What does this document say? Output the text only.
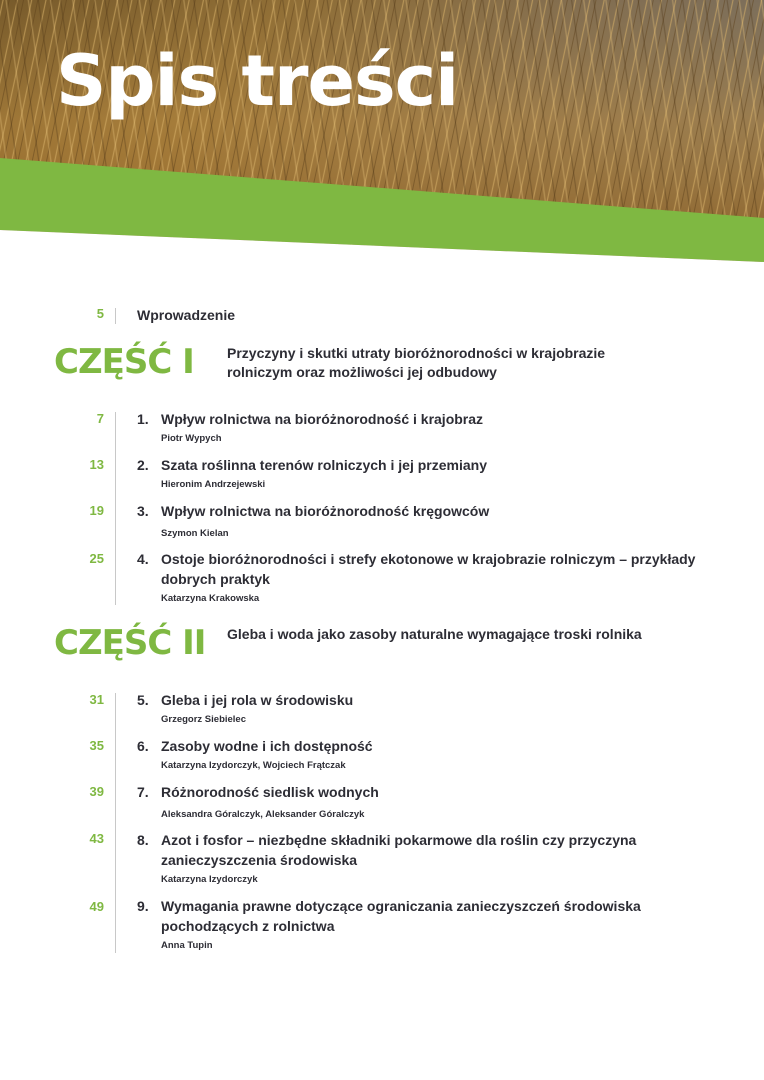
Spis treści
5 Wprowadzenie
CZĘŚĆ I Przyczyny i skutki utraty bioróżnorodności w krajobrazie rolniczym oraz możliwości jej odbudowy
7 1. Wpływ rolnictwa na bioróżnorodność i krajobraz
Piotr Wypych
13 2. Szata roślinna terenów rolniczych i jej przemiany
Hieronim Andrzejewski
19 3. Wpływ rolnictwa na bioróżnorodność kręgowców
Szymon Kielan
25 4. Ostoje bioróżnorodności i strefy ekotonowe w krajobrazie rolniczym – przykłady dobrych praktyk
Katarzyna Krakowska
CZĘŚĆ II Gleba i woda jako zasoby naturalne wymagające troski rolnika
31 5. Gleba i jej rola w środowisku
Grzegorz Siebielec
35 6. Zasoby wodne i ich dostępność
Katarzyna Izydorczyk, Wojciech Frątczak
39 7. Różnorodność siedlisk wodnych
Aleksandra Góralczyk, Aleksander Góralczyk
43 8. Azot i fosfor – niezbędne składniki pokarmowe dla roślin czy przyczyna zanieczyszczenia środowiska
Katarzyna Izydorczyk
49 9. Wymagania prawne dotyczące ograniczania zanieczyszczeń środowiska pochodzących z rolnictwa
Anna Tupin
